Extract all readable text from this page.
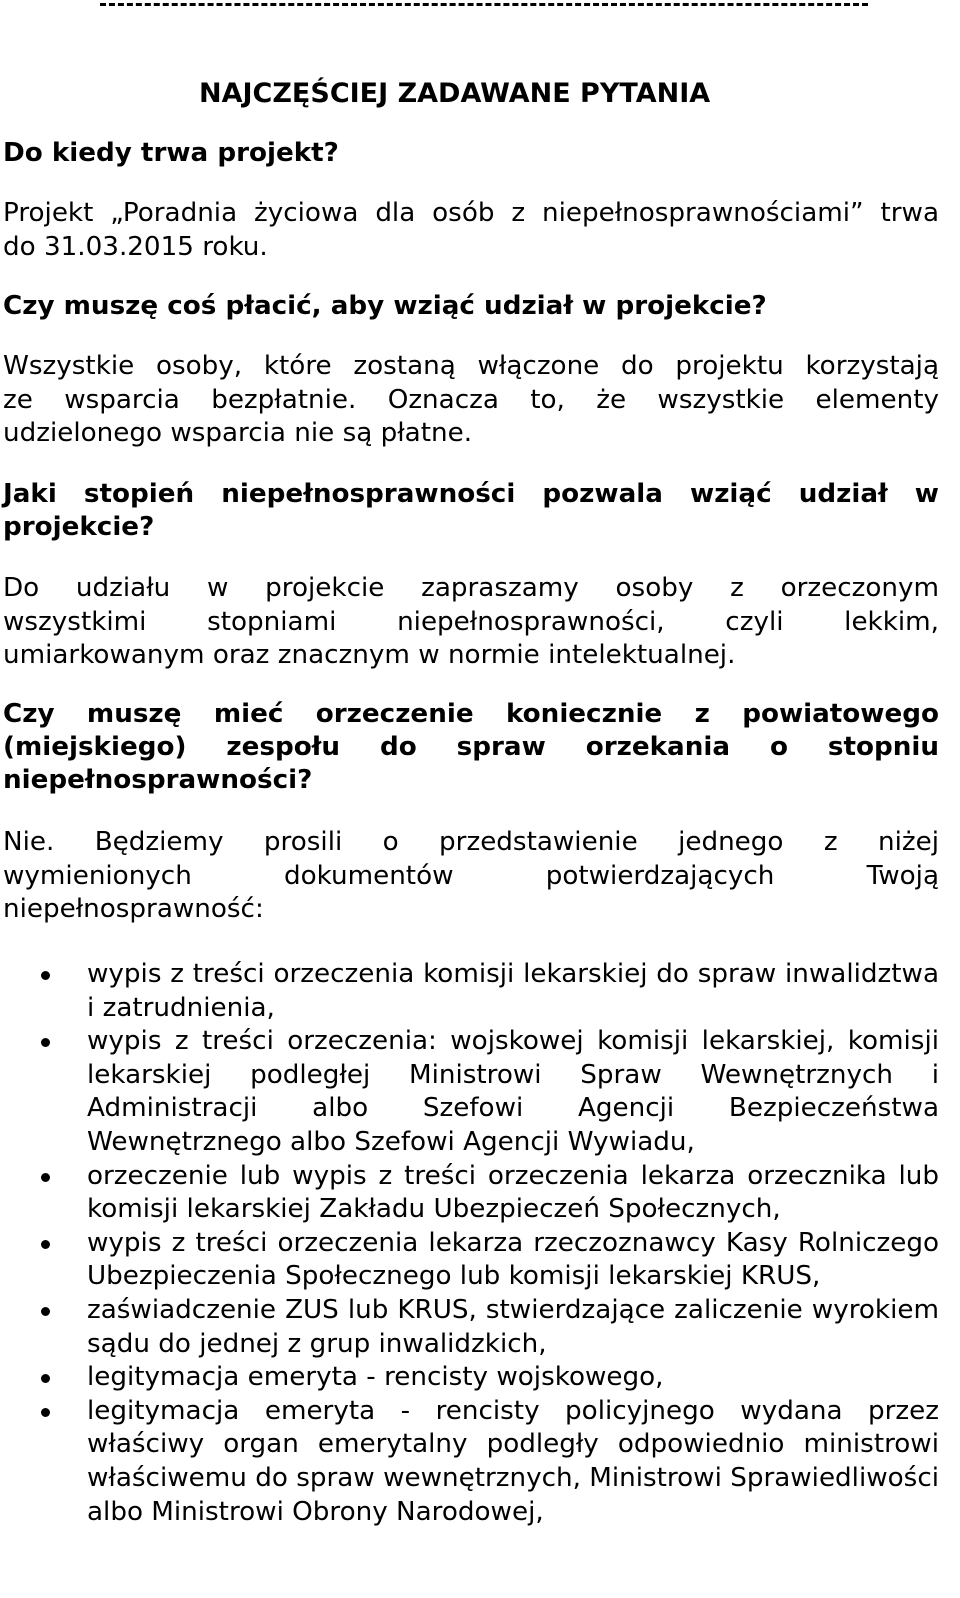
NAJCZĘŚCIEJ ZADAWANE PYTANIA

Do kiedy trwa projekt?

Projekt „Poradnia życiowa dla osób z niepełnosprawnościami” trwa
do 31.03.2015 roku.

Czy muszę coś płacić, aby wziąć udział w projekcie?

Wszystkie osoby, które zostaną włączone do projektu korzystają
ze wsparcia bezpłatnie. Oznacza to, że wszystkie elementy
udzielonego wsparcia nie są płatne.

Jaki stopień niepełnosprawności pozwala wziąć udział w
projekcie?

Do udziału w projekcie zapraszamy osoby z orzeczonym
wszystkimi stopniami niepełnosprawności, czyli lekkim,
umiarkowanym oraz znacznym w normie intelektualnej.

Czy muszę mieć orzeczenie koniecznie z powiatowego
(miejskiego) zespołu do spraw orzekania o stopniu
niepełnosprawności?

Nie. Będziemy prosili o przedstawienie jednego z niżej
wymienionych dokumentów potwierdzających Twoją
niepełnosprawność:

wypis z treści orzeczenia komisji lekarskiej do spraw inwalidztwa i zatrudnienia,
wypis z treści orzeczenia: wojskowej komisji lekarskiej, komisji lekarskiej podległej Ministrowi Spraw Wewnętrznych i Administracji albo Szefowi Agencji Bezpieczeństwa Wewnętrznego albo Szefowi Agencji Wywiadu,
orzeczenie lub wypis z treści orzeczenia lekarza orzecznika lub komisji lekarskiej Zakładu Ubezpieczeń Społecznych,
wypis z treści orzeczenia lekarza rzeczoznawcy Kasy Rolniczego Ubezpieczenia Społecznego lub komisji lekarskiej KRUS,
zaświadczenie ZUS lub KRUS, stwierdzające zaliczenie wyrokiem sądu do jednej z grup inwalidzkich,
legitymacja emeryta - rencisty wojskowego,
legitymacja emeryta - rencisty policyjnego wydana przez właściwy organ emerytalny podległy odpowiednio ministrowi właściwemu do spraw wewnętrznych, Ministrowi Sprawiedliwości albo Ministrowi Obrony Narodowej,
